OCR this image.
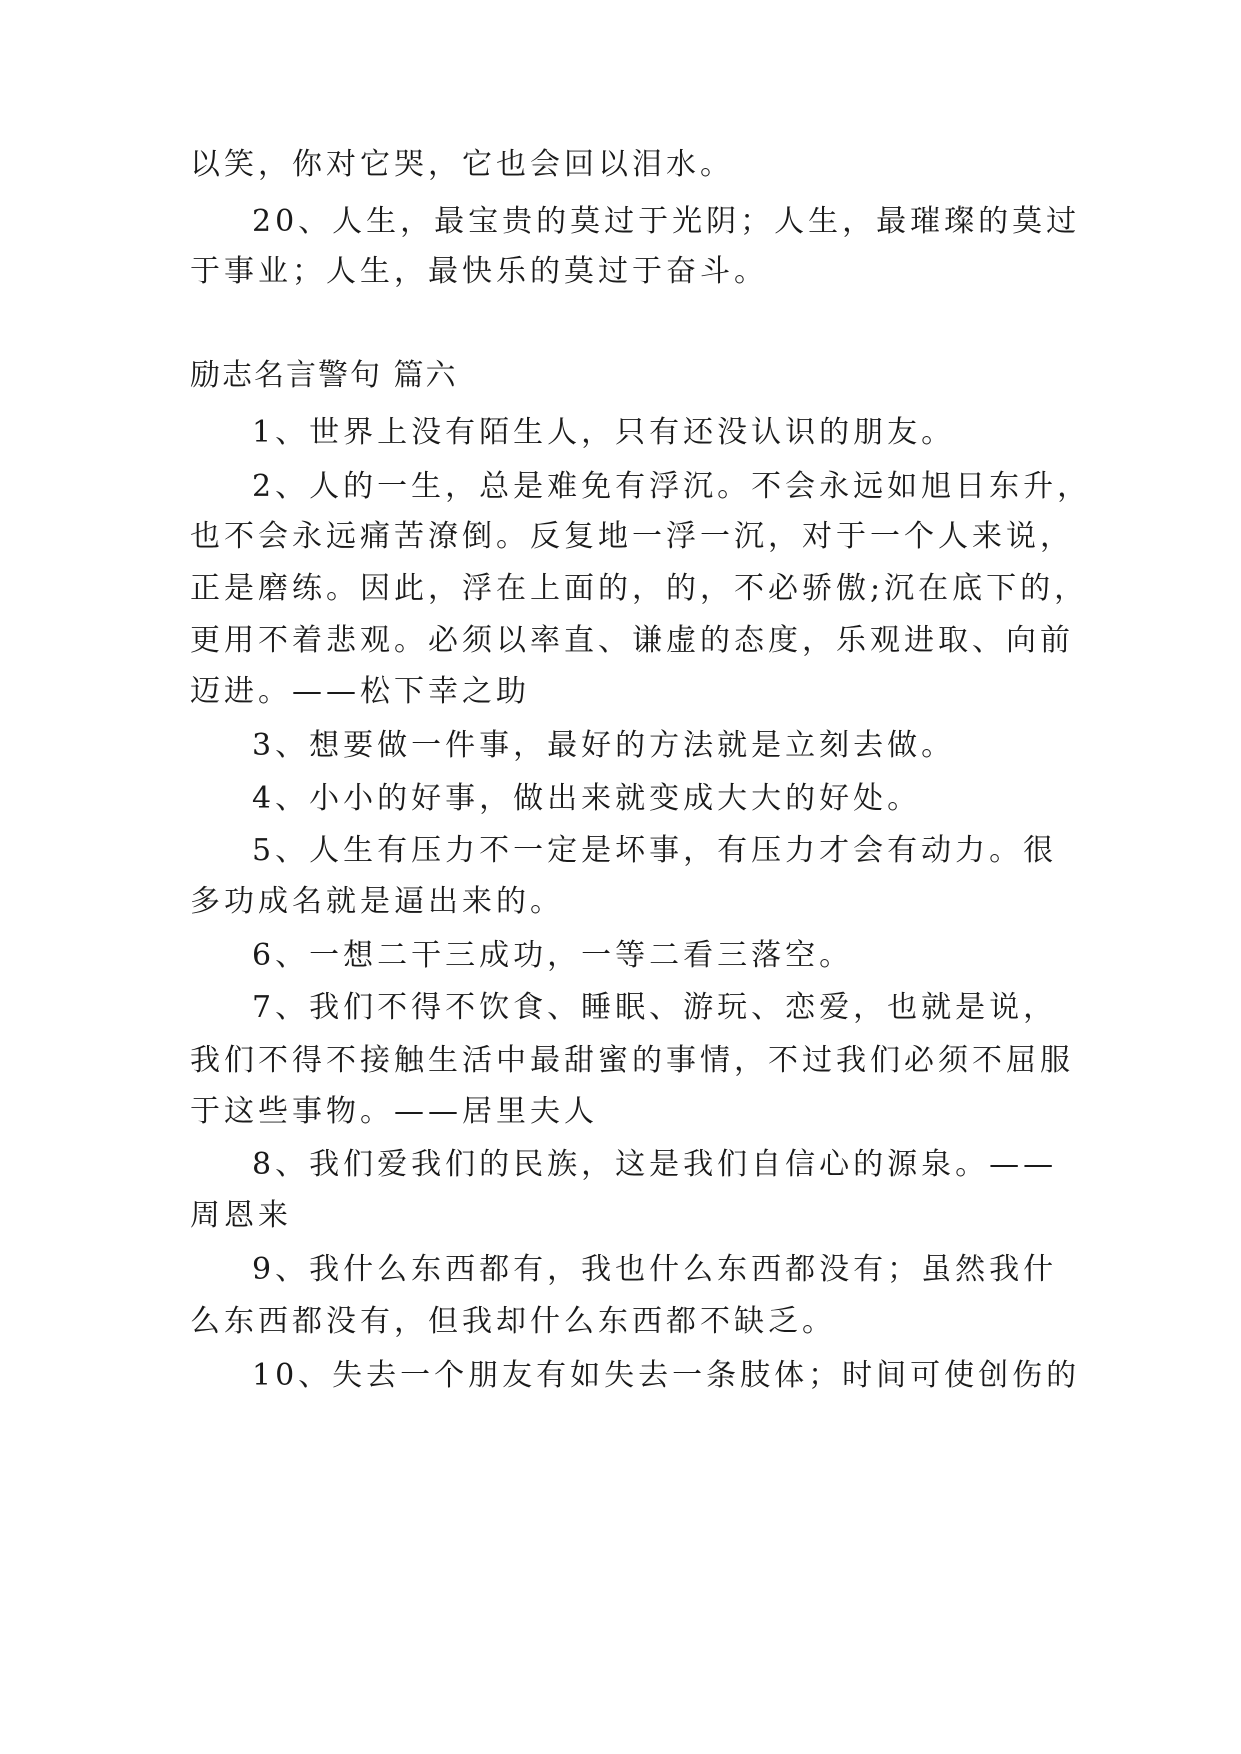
以笑，你对它哭，它也会回以泪水。
20、人生，最宝贵的莫过于光阴；人生，最璀璨的莫过
于事业；人生，最快乐的莫过于奋斗。
励志名言警句 篇六
1、世界上没有陌生人，只有还没认识的朋友。
2、人的一生，总是难免有浮沉。不会永远如旭日东升，
也不会永远痛苦潦倒。反复地一浮一沉，对于一个人来说，
正是磨练。因此，浮在上面的，的，不必骄傲;沉在底下的，
更用不着悲观。必须以率直、谦虚的态度，乐观进取、向前
迈进。——松下幸之助
3、想要做一件事，最好的方法就是立刻去做。
4、小小的好事，做出来就变成大大的好处。
5、人生有压力不一定是坏事，有压力才会有动力。很
多功成名就是逼出来的。
6、一想二干三成功，一等二看三落空。
7、我们不得不饮食、睡眠、游玩、恋爱，也就是说，
我们不得不接触生活中最甜蜜的事情，不过我们必须不屈服
于这些事物。——居里夫人
8、我们爱我们的民族，这是我们自信心的源泉。——
周恩来
9、我什么东西都有，我也什么东西都没有；虽然我什
么东西都没有，但我却什么东西都不缺乏。
10、失去一个朋友有如失去一条肢体；时间可使创伤的
